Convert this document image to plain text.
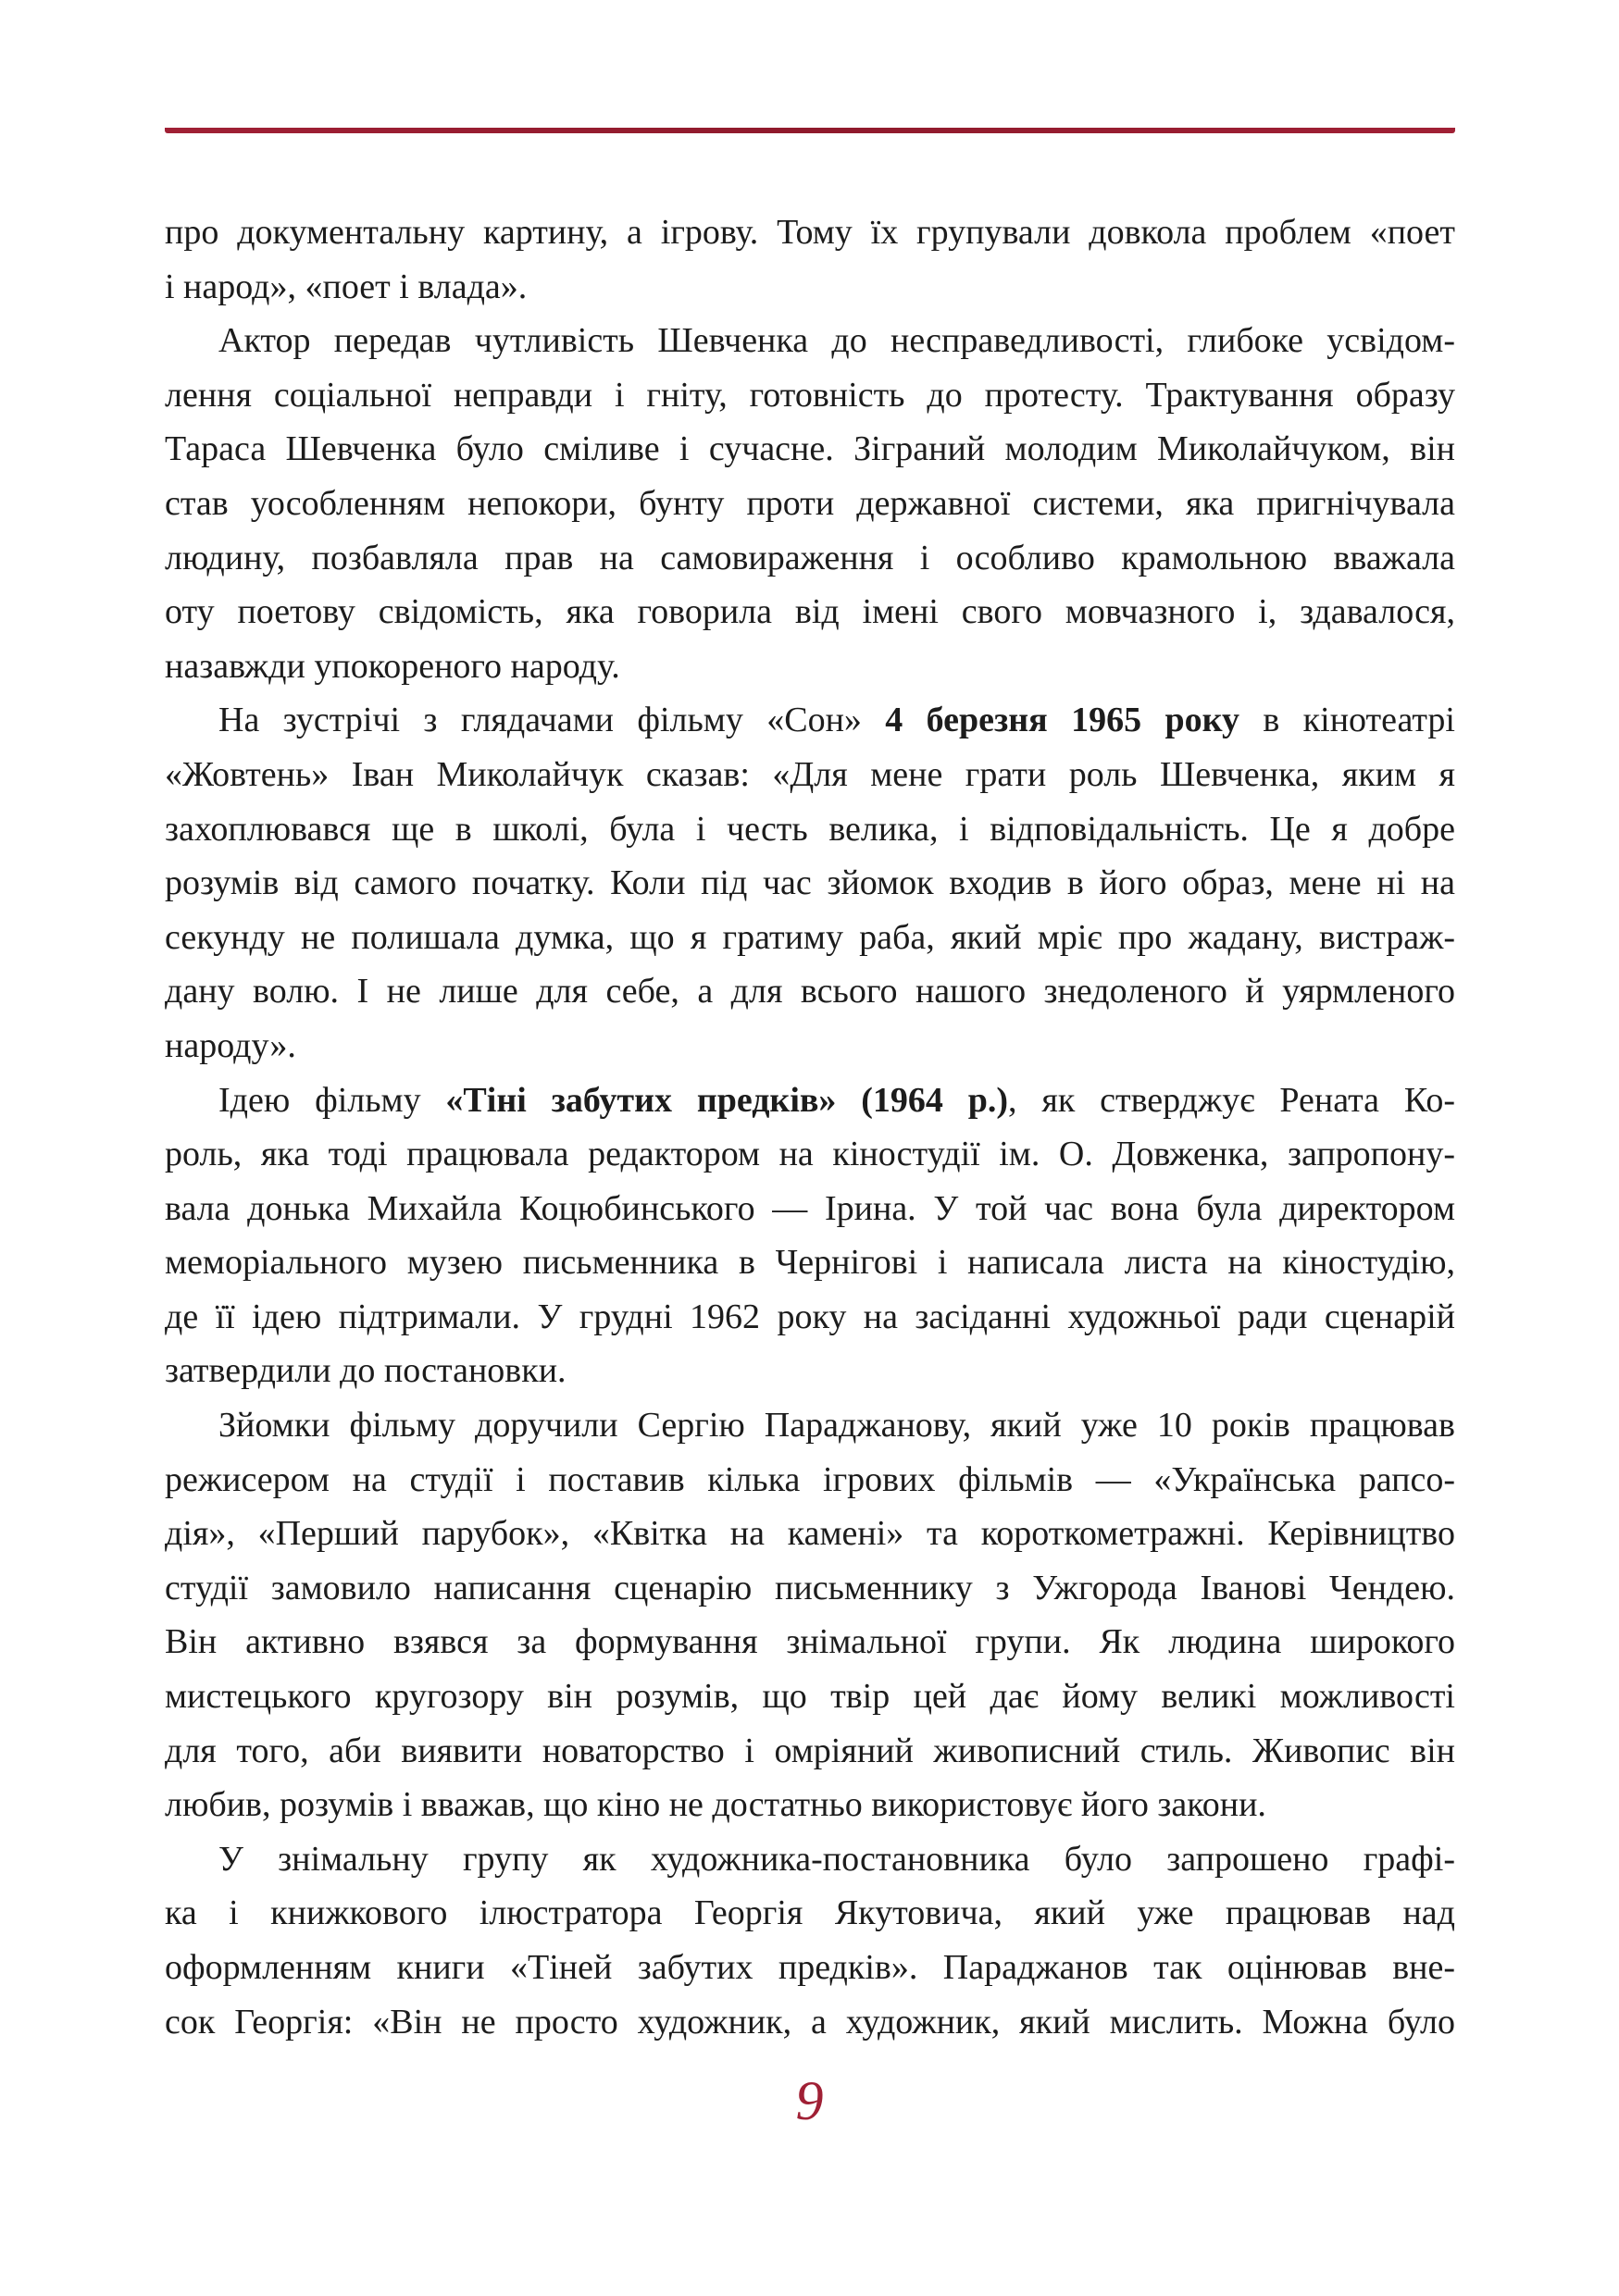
про документальну картину, а ігрову. Тому їх групували довкола проблем «поет

і народ», «поет і влада».

Актор передав чутливість Шевченка до несправедливості, глибоке усвідом-

лення соціальної неправди і гніту, готовність до протесту. Трактування образу

Тараса Шевченка було сміливе і сучасне. Зіграний молодим Миколайчуком, він

став уособленням непокори, бунту проти державної системи, яка пригнічувала

людину, позбавляла прав на самовираження і особливо крамольною вважала

оту поетову свідомість, яка говорила від імені свого мовчазного і, здавалося,

назавжди упокореного народу.

На зустрічі з глядачами фільму «Сон» 4 березня 1965 року в кінотеатрі

«Жовтень» Іван Миколайчук сказав: «Для мене грати роль Шевченка, яким я

захоплювався ще в школі, була і честь велика, і відповідальність. Це я добре

розумів від самого початку. Коли під час зйомок входив в його образ, мене ні на

секунду не полишала думка, що я гратиму раба, який мріє про жадану, вистраж-

дану волю. І не лише для себе, а для всього нашого знедоленого й уярмленого

народу».

Ідею фільму «Тіні забутих предків» (1964 р.), як стверджує Рената Ко-

роль, яка тоді працювала редактором на кіностудії ім. О. Довженка, запропону-

вала донька Михайла Коцюбинського — Ірина. У той час вона була директором

меморіального музею письменника в Чернігові і написала листа на кіностудію,

де її ідею підтримали. У грудні 1962 року на засіданні художньої ради сценарій

затвердили до постановки.

Зйомки фільму доручили Сергію Параджанову, який уже 10 років працював

режисером на студії і поставив кілька ігрових фільмів — «Українська рапсо-

дія», «Перший парубок», «Квітка на камені» та короткометражні. Керівництво

студії замовило написання сценарію письменнику з Ужгорода Іванові Чендею.

Він активно взявся за формування знімальної групи. Як людина широкого

мистецького кругозору він розумів, що твір цей дає йому великі можливості

для того, аби виявити новаторство і омріяний живописний стиль. Живопис він

любив, розумів і вважав, що кіно не достатньо використовує його закони.

У знімальну групу як художника-постановника було запрошено графі-

ка і книжкового ілюстратора Георгія Якутовича, який уже працював над

оформленням книги «Тіней забутих предків». Параджанов так оцінював внe-

сок Георгія: «Він не просто художник, а художник, який мислить. Можна було

9
